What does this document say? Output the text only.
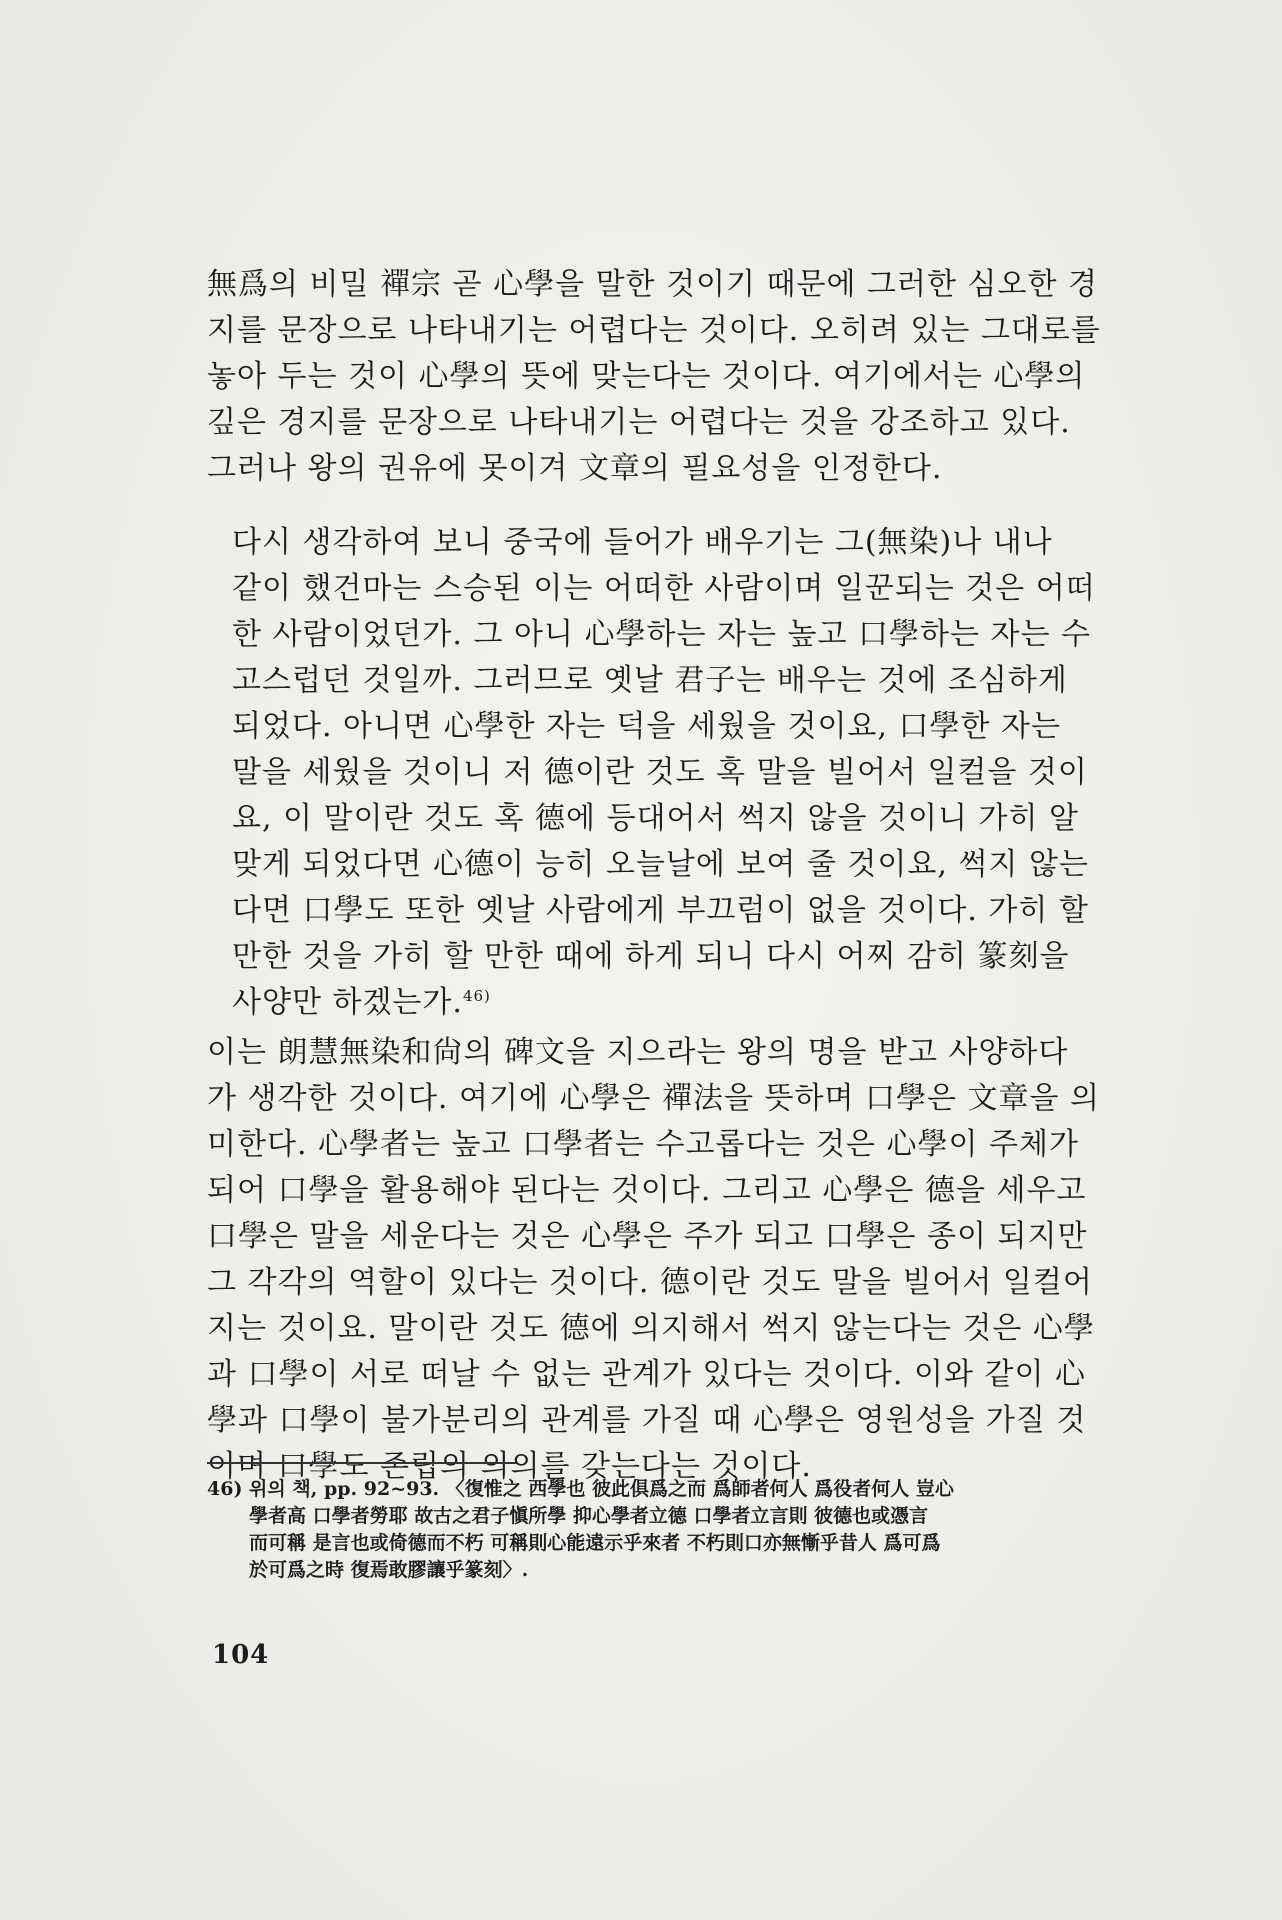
無爲의 비밀 禪宗 곧 心學을 말한 것이기 때문에 그러한 심오한 경
지를 문장으로 나타내기는 어렵다는 것이다. 오히려 있는 그대로를
놓아 두는 것이 心學의 뜻에 맞는다는 것이다. 여기에서는 心學의
깊은 경지를 문장으로 나타내기는 어렵다는 것을 강조하고 있다.
그러나 왕의 권유에 못이겨 文章의 필요성을 인정한다.
다시 생각하여 보니 중국에 들어가 배우기는 그(無染)나 내나
같이 했건마는 스승된 이는 어떠한 사람이며 일꾼되는 것은 어떠
한 사람이었던가. 그 아니 心學하는 자는 높고 口學하는 자는 수
고스럽던 것일까. 그러므로 옛날 君子는 배우는 것에 조심하게
되었다. 아니면 心學한 자는 덕을 세웠을 것이요, 口學한 자는
말을 세웠을 것이니 저 德이란 것도 혹 말을 빌어서 일컬을 것이
요, 이 말이란 것도 혹 德에 등대어서 썩지 않을 것이니 가히 알
맞게 되었다면 心德이 능히 오늘날에 보여 줄 것이요, 썩지 않는
다면 口學도 또한 옛날 사람에게 부끄럼이 없을 것이다. 가히 할
만한 것을 가히 할 만한 때에 하게 되니 다시 어찌 감히 篆刻을
사양만 하겠는가.$^{46)}$
이는 朗慧無染和尙의 碑文을 지으라는 왕의 명을 받고 사양하다
가 생각한 것이다. 여기에 心學은 禪法을 뜻하며 口學은 文章을 의
미한다. 心學者는 높고 口學者는 수고롭다는 것은 心學이 주체가
되어 口學을 활용해야 된다는 것이다. 그리고 心學은 德을 세우고
口學은 말을 세운다는 것은 心學은 주가 되고 口學은 종이 되지만
그 각각의 역할이 있다는 것이다. 德이란 것도 말을 빌어서 일컬어
지는 것이요. 말이란 것도 德에 의지해서 썩지 않는다는 것은 心學
과 口學이 서로 떠날 수 없는 관계가 있다는 것이다. 이와 같이 心
學과 口學이 불가분리의 관계를 가질 때 心學은 영원성을 가질 것
이며 口學도 존립의 의의를 갖는다는 것이다.
46) 위의 책, pp. 92~93. 〈復惟之 西學也 彼此俱爲之而 爲師者何人 爲役者何人 豈心
學者高 口學者勞耶 故古之君子愼所學 抑心學者立德 口學者立言則 彼德也或憑言
而可稱 是言也或倚德而不朽 可稱則心能遠示乎來者 不朽則口亦無慚乎昔人 爲可爲
於可爲之時 復焉敢膠讓乎篆刻〉.
104
